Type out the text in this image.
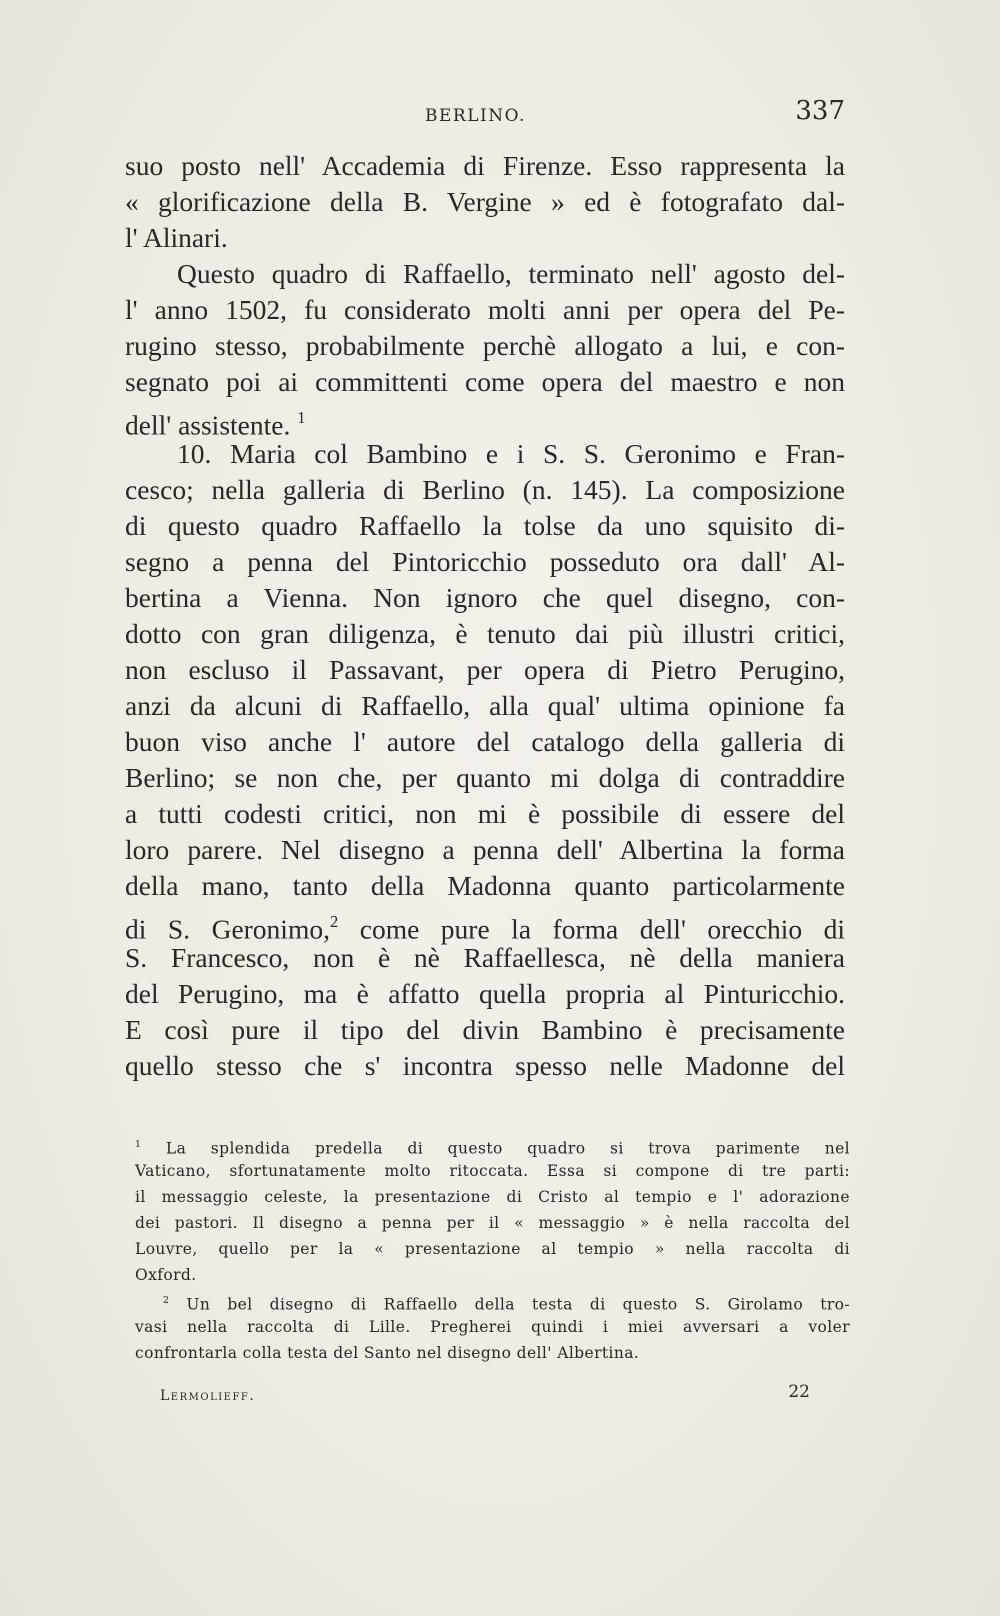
BERLINO.	337
suo posto nell' Accademia di Firenze. Esso rappresenta la
« glorificazione della B. Vergine » ed è fotografato dal-
l' Alinari.
Questo quadro di Raffaello, terminato nell' agosto del-
l' anno 1502, fu considerato molti anni per opera del Pe-
rugino stesso, probabilmente perchè allogato a lui, e con-
segnato poi ai committenti come opera del maestro e non
dell' assistente. $^1$
10. Maria col Bambino e i S. S. Geronimo e Fran-
cesco; nella galleria di Berlino (n. 145). La composizione
di questo quadro Raffaello la tolse da uno squisito di-
segno a penna del Pintoricchio posseduto ora dall' Al-
bertina a Vienna. Non ignoro che quel disegno, con-
dotto con gran diligenza, è tenuto dai più illustri critici,
non escluso il Passavant, per opera di Pietro Perugino,
anzi da alcuni di Raffaello, alla qual' ultima opinione fa
buon viso anche l' autore del catalogo della galleria di
Berlino; se non che, per quanto mi dolga di contraddire
a tutti codesti critici, non mi è possibile di essere del
loro parere. Nel disegno a penna dell' Albertina la forma
della mano, tanto della Madonna quanto particolarmente
di S. Geronimo,$^2$ come pure la forma dell' orecchio di
S. Francesco, non è nè Raffaellesca, nè della maniera
del Perugino, ma è affatto quella propria al Pinturicchio.
E così pure il tipo del divin Bambino è precisamente
quello stesso che s' incontra spesso nelle Madonne del
$^1$ La splendida predella di questo quadro si trova parimente nel
Vaticano, sfortunatamente molto ritoccata. Essa si compone di tre parti:
il messaggio celeste, la presentazione di Cristo al tempio e l' adorazione
dei pastori. Il disegno a penna per il « messaggio » è nella raccolta del
Louvre, quello per la « presentazione al tempio » nella raccolta di
Oxford.
$^2$ Un bel disegno di Raffaello della testa di questo S. Girolamo tro-
vasi nella raccolta di Lille. Pregherei quindi i miei avversari a voler
confrontarla colla testa del Santo nel disegno dell' Albertina.
Lermolieff.	22
